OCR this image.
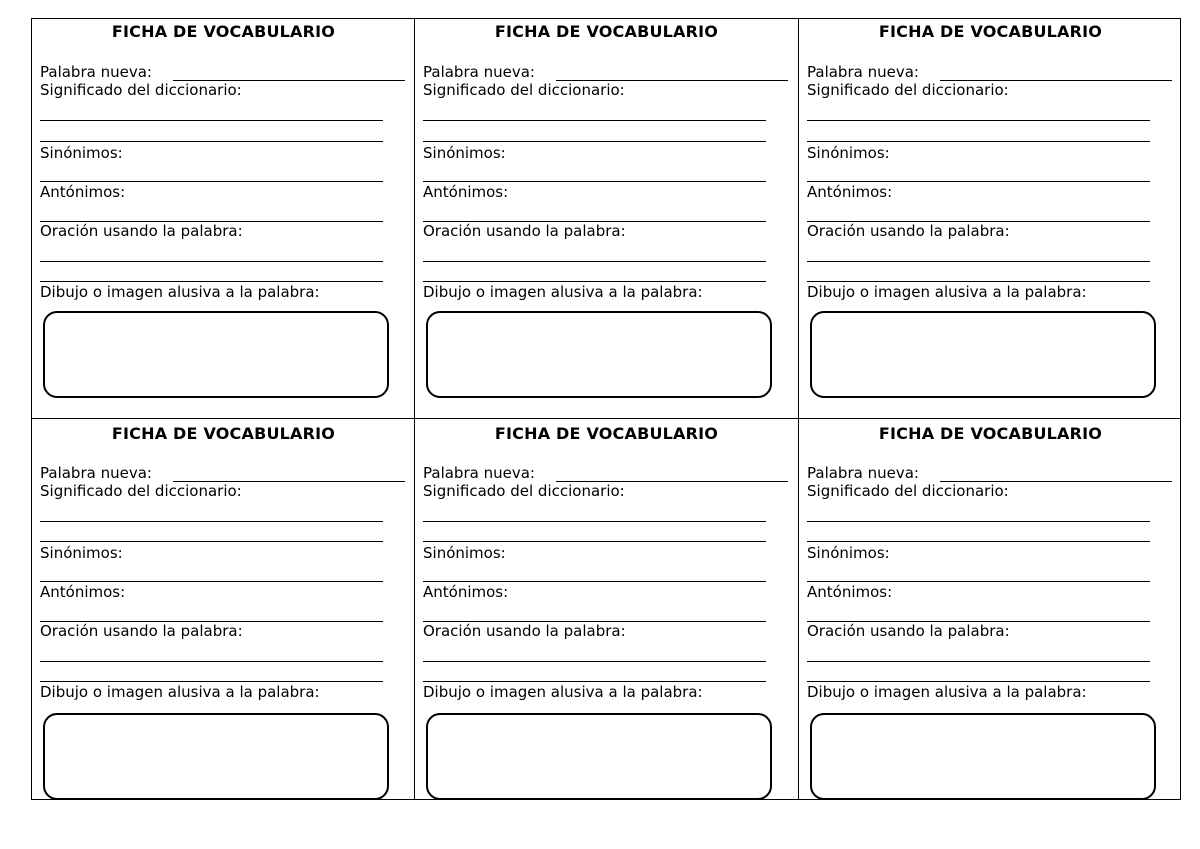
FICHA DE VOCABULARIO
Palabra nueva:
Significado del diccionario:
Sinónimos:
Antónimos:
Oración usando la palabra:
Dibujo o imagen alusiva a la palabra:
FICHA DE VOCABULARIO
Palabra nueva:
Significado del diccionario:
Sinónimos:
Antónimos:
Oración usando la palabra:
Dibujo o imagen alusiva a la palabra:
FICHA DE VOCABULARIO
Palabra nueva:
Significado del diccionario:
Sinónimos:
Antónimos:
Oración usando la palabra:
Dibujo o imagen alusiva a la palabra:
FICHA DE VOCABULARIO
Palabra nueva:
Significado del diccionario:
Sinónimos:
Antónimos:
Oración usando la palabra:
Dibujo o imagen alusiva a la palabra:
FICHA DE VOCABULARIO
Palabra nueva:
Significado del diccionario:
Sinónimos:
Antónimos:
Oración usando la palabra:
Dibujo o imagen alusiva a la palabra:
FICHA DE VOCABULARIO
Palabra nueva:
Significado del diccionario:
Sinónimos:
Antónimos:
Oración usando la palabra:
Dibujo o imagen alusiva a la palabra:
